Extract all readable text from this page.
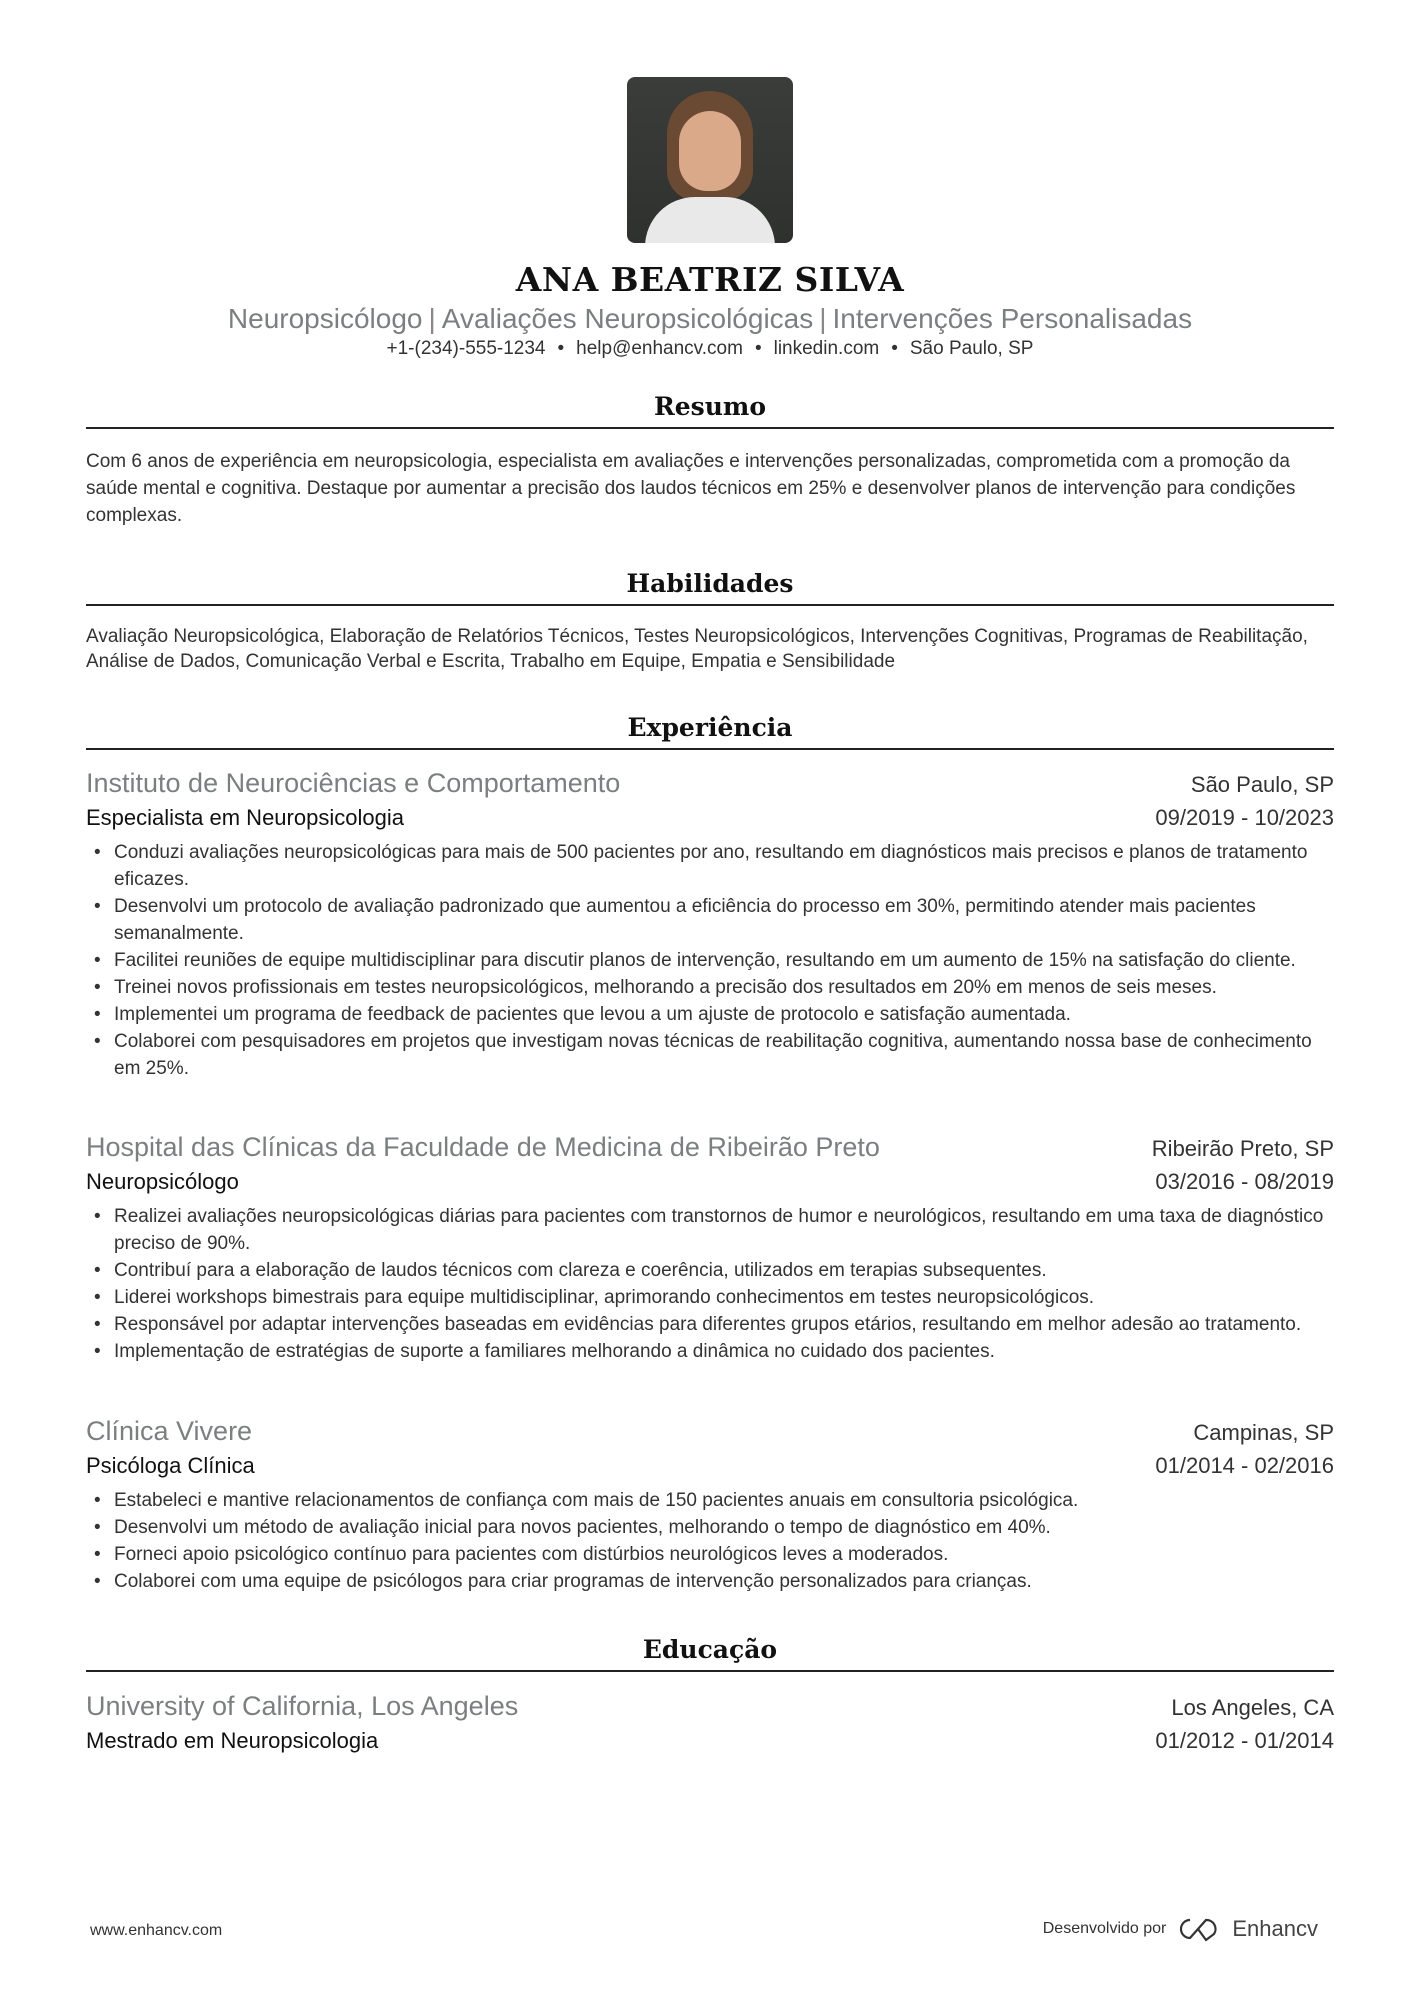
ANA BEATRIZ SILVA
Neuropsicólogo | Avaliações Neuropsicológicas | Intervenções Personalisadas
+1-(234)-555-1234 • help@enhancv.com • linkedin.com • São Paulo, SP
Resumo
Com 6 anos de experiência em neuropsicologia, especialista em avaliações e intervenções personalizadas, comprometida com a promoção da saúde mental e cognitiva. Destaque por aumentar a precisão dos laudos técnicos em 25% e desenvolver planos de intervenção para condições complexas.
Habilidades
Avaliação Neuropsicológica, Elaboração de Relatórios Técnicos, Testes Neuropsicológicos, Intervenções Cognitivas, Programas de Reabilitação, Análise de Dados, Comunicação Verbal e Escrita, Trabalho em Equipe, Empatia e Sensibilidade
Experiência
Instituto de Neurociências e Comportamento	São Paulo, SP
Especialista em Neuropsicologia	09/2019 - 10/2023
• Conduzi avaliações neuropsicológicas para mais de 500 pacientes por ano, resultando em diagnósticos mais precisos e planos de tratamento eficazes.
• Desenvolvi um protocolo de avaliação padronizado que aumentou a eficiência do processo em 30%, permitindo atender mais pacientes semanalmente.
• Facilitei reuniões de equipe multidisciplinar para discutir planos de intervenção, resultando em um aumento de 15% na satisfação do cliente.
• Treinei novos profissionais em testes neuropsicológicos, melhorando a precisão dos resultados em 20% em menos de seis meses.
• Implementei um programa de feedback de pacientes que levou a um ajuste de protocolo e satisfação aumentada.
• Colaborei com pesquisadores em projetos que investigam novas técnicas de reabilitação cognitiva, aumentando nossa base de conhecimento em 25%.
Hospital das Clínicas da Faculdade de Medicina de Ribeirão Preto	Ribeirão Preto, SP
Neuropsicólogo	03/2016 - 08/2019
• Realizei avaliações neuropsicológicas diárias para pacientes com transtornos de humor e neurológicos, resultando em uma taxa de diagnóstico preciso de 90%.
• Contribuí para a elaboração de laudos técnicos com clareza e coerência, utilizados em terapias subsequentes.
• Liderei workshops bimestrais para equipe multidisciplinar, aprimorando conhecimentos em testes neuropsicológicos.
• Responsável por adaptar intervenções baseadas em evidências para diferentes grupos etários, resultando em melhor adesão ao tratamento.
• Implementação de estratégias de suporte a familiares melhorando a dinâmica no cuidado dos pacientes.
Clínica Vivere	Campinas, SP
Psicóloga Clínica	01/2014 - 02/2016
• Estabeleci e mantive relacionamentos de confiança com mais de 150 pacientes anuais em consultoria psicológica.
• Desenvolvi um método de avaliação inicial para novos pacientes, melhorando o tempo de diagnóstico em 40%.
• Forneci apoio psicológico contínuo para pacientes com distúrbios neurológicos leves a moderados.
• Colaborei com uma equipe de psicólogos para criar programas de intervenção personalizados para crianças.
Educação
University of California, Los Angeles	Los Angeles, CA
Mestrado em Neuropsicologia	01/2012 - 01/2014
www.enhancv.com	Desenvolvido por	Enhancv
